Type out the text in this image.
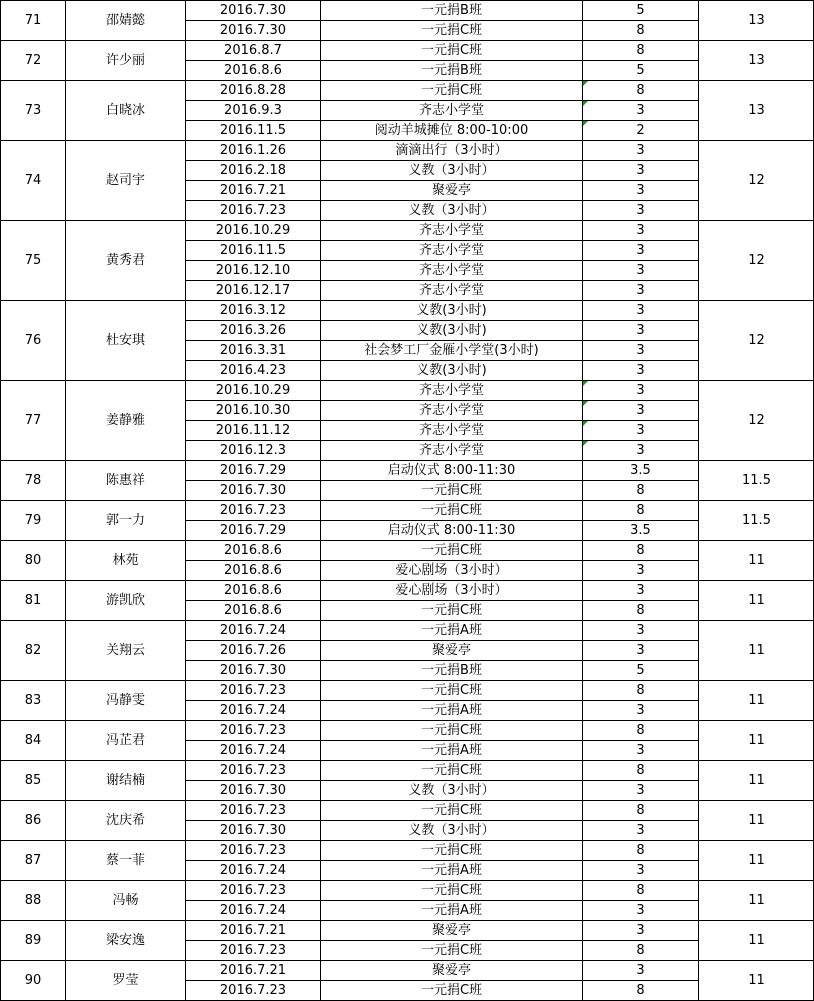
71	邵婧懿	2016.7.30	一元捐B班	5	13
		2016.7.30	一元捐C班	8	
72	许少丽	2016.8.7	一元捐C班	8	13
		2016.8.6	一元捐B班	5	
73	白晓冰	2016.8.28	一元捐C班	8	13
		2016.9.3	齐志小学堂	3	
		2016.11.5	阅动羊城摊位 8:00-10:00	2	
74	赵司宇	2016.1.26	滴滴出行（3小时）	3	12
		2016.2.18	义教（3小时）	3	
		2016.7.21	聚爱亭	3	
		2016.7.23	义教（3小时）	3	
75	黄秀君	2016.10.29	齐志小学堂	3	12
		2016.11.5	齐志小学堂	3	
		2016.12.10	齐志小学堂	3	
		2016.12.17	齐志小学堂	3	
76	杜安琪	2016.3.12	义教(3小时)	3	12
		2016.3.26	义教(3小时)	3	
		2016.3.31	社会梦工厂金雁小学堂(3小时)	3	
		2016.4.23	义教(3小时)	3	
77	姜静雅	2016.10.29	齐志小学堂	3	12
		2016.10.30	齐志小学堂	3	
		2016.11.12	齐志小学堂	3	
		2016.12.3	齐志小学堂	3	
78	陈惠祥	2016.7.29	启动仪式 8:00-11:30	3.5	11.5
		2016.7.30	一元捐C班	8	
79	郭一力	2016.7.23	一元捐C班	8	11.5
		2016.7.29	启动仪式 8:00-11:30	3.5	
80	林苑	2016.8.6	一元捐C班	8	11
		2016.8.6	爱心剧场（3小时）	3	
81	游凯欣	2016.8.6	爱心剧场（3小时）	3	11
		2016.8.6	一元捐C班	8	
82	关翔云	2016.7.24	一元捐A班	3	11
		2016.7.26	聚爱亭	3	
		2016.7.30	一元捐B班	5	
83	冯静雯	2016.7.23	一元捐C班	8	11
		2016.7.24	一元捐A班	3	
84	冯芷君	2016.7.23	一元捐C班	8	11
		2016.7.24	一元捐A班	3	
85	谢结楠	2016.7.23	一元捐C班	8	11
		2016.7.30	义教（3小时）	3	
86	沈庆希	2016.7.23	一元捐C班	8	11
		2016.7.30	义教（3小时）	3	
87	蔡一菲	2016.7.23	一元捐C班	8	11
		2016.7.24	一元捐A班	3	
88	冯畅	2016.7.23	一元捐C班	8	11
		2016.7.24	一元捐A班	3	
89	梁安逸	2016.7.21	聚爱亭	3	11
		2016.7.23	一元捐C班	8	
90	罗莹	2016.7.21	聚爱亭	3	11
		2016.7.23	一元捐C班	8	
